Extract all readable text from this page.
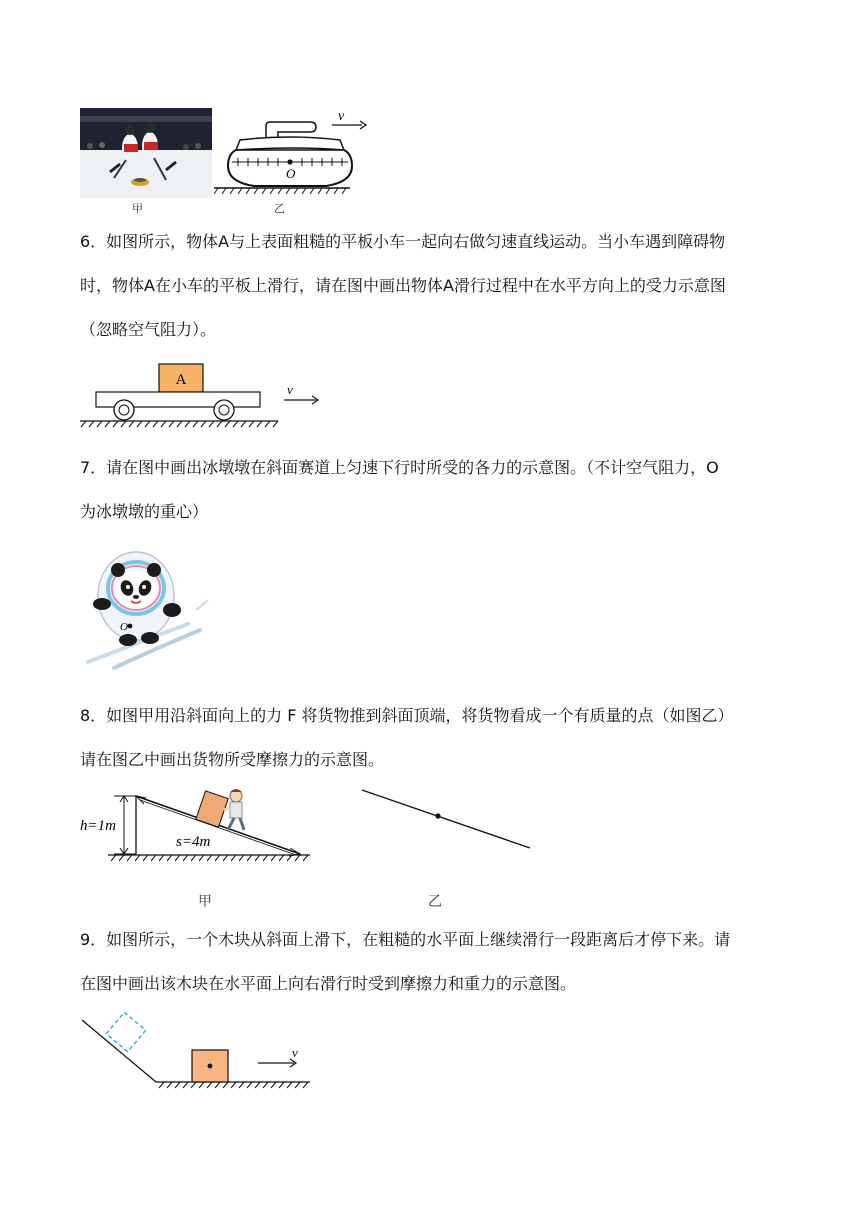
O
v
甲	乙
6．如图所示，物体A与上表面粗糙的平板小车一起向右做匀速直线运动。当小车遇到障碍物
时，物体A在小车的平板上滑行，请在图中画出物体A滑行过程中在水平方向上的受力示意图
（忽略空气阻力）。
A
v
7．请在图中画出冰墩墩在斜面赛道上匀速下行时所受的各力的示意图。（不计空气阻力，O
为冰墩墩的重心）
O
8．如图甲用沿斜面向上的力 F 将货物推到斜面顶端，将货物看成一个有质量的点（如图乙）
请在图乙中画出货物所受摩擦力的示意图。
h=1m
s=4m
甲	乙
9．如图所示，一个木块从斜面上滑下，在粗糙的水平面上继续滑行一段距离后才停下来。请
在图中画出该木块在水平面上向右滑行时受到摩擦力和重力的示意图。
v
